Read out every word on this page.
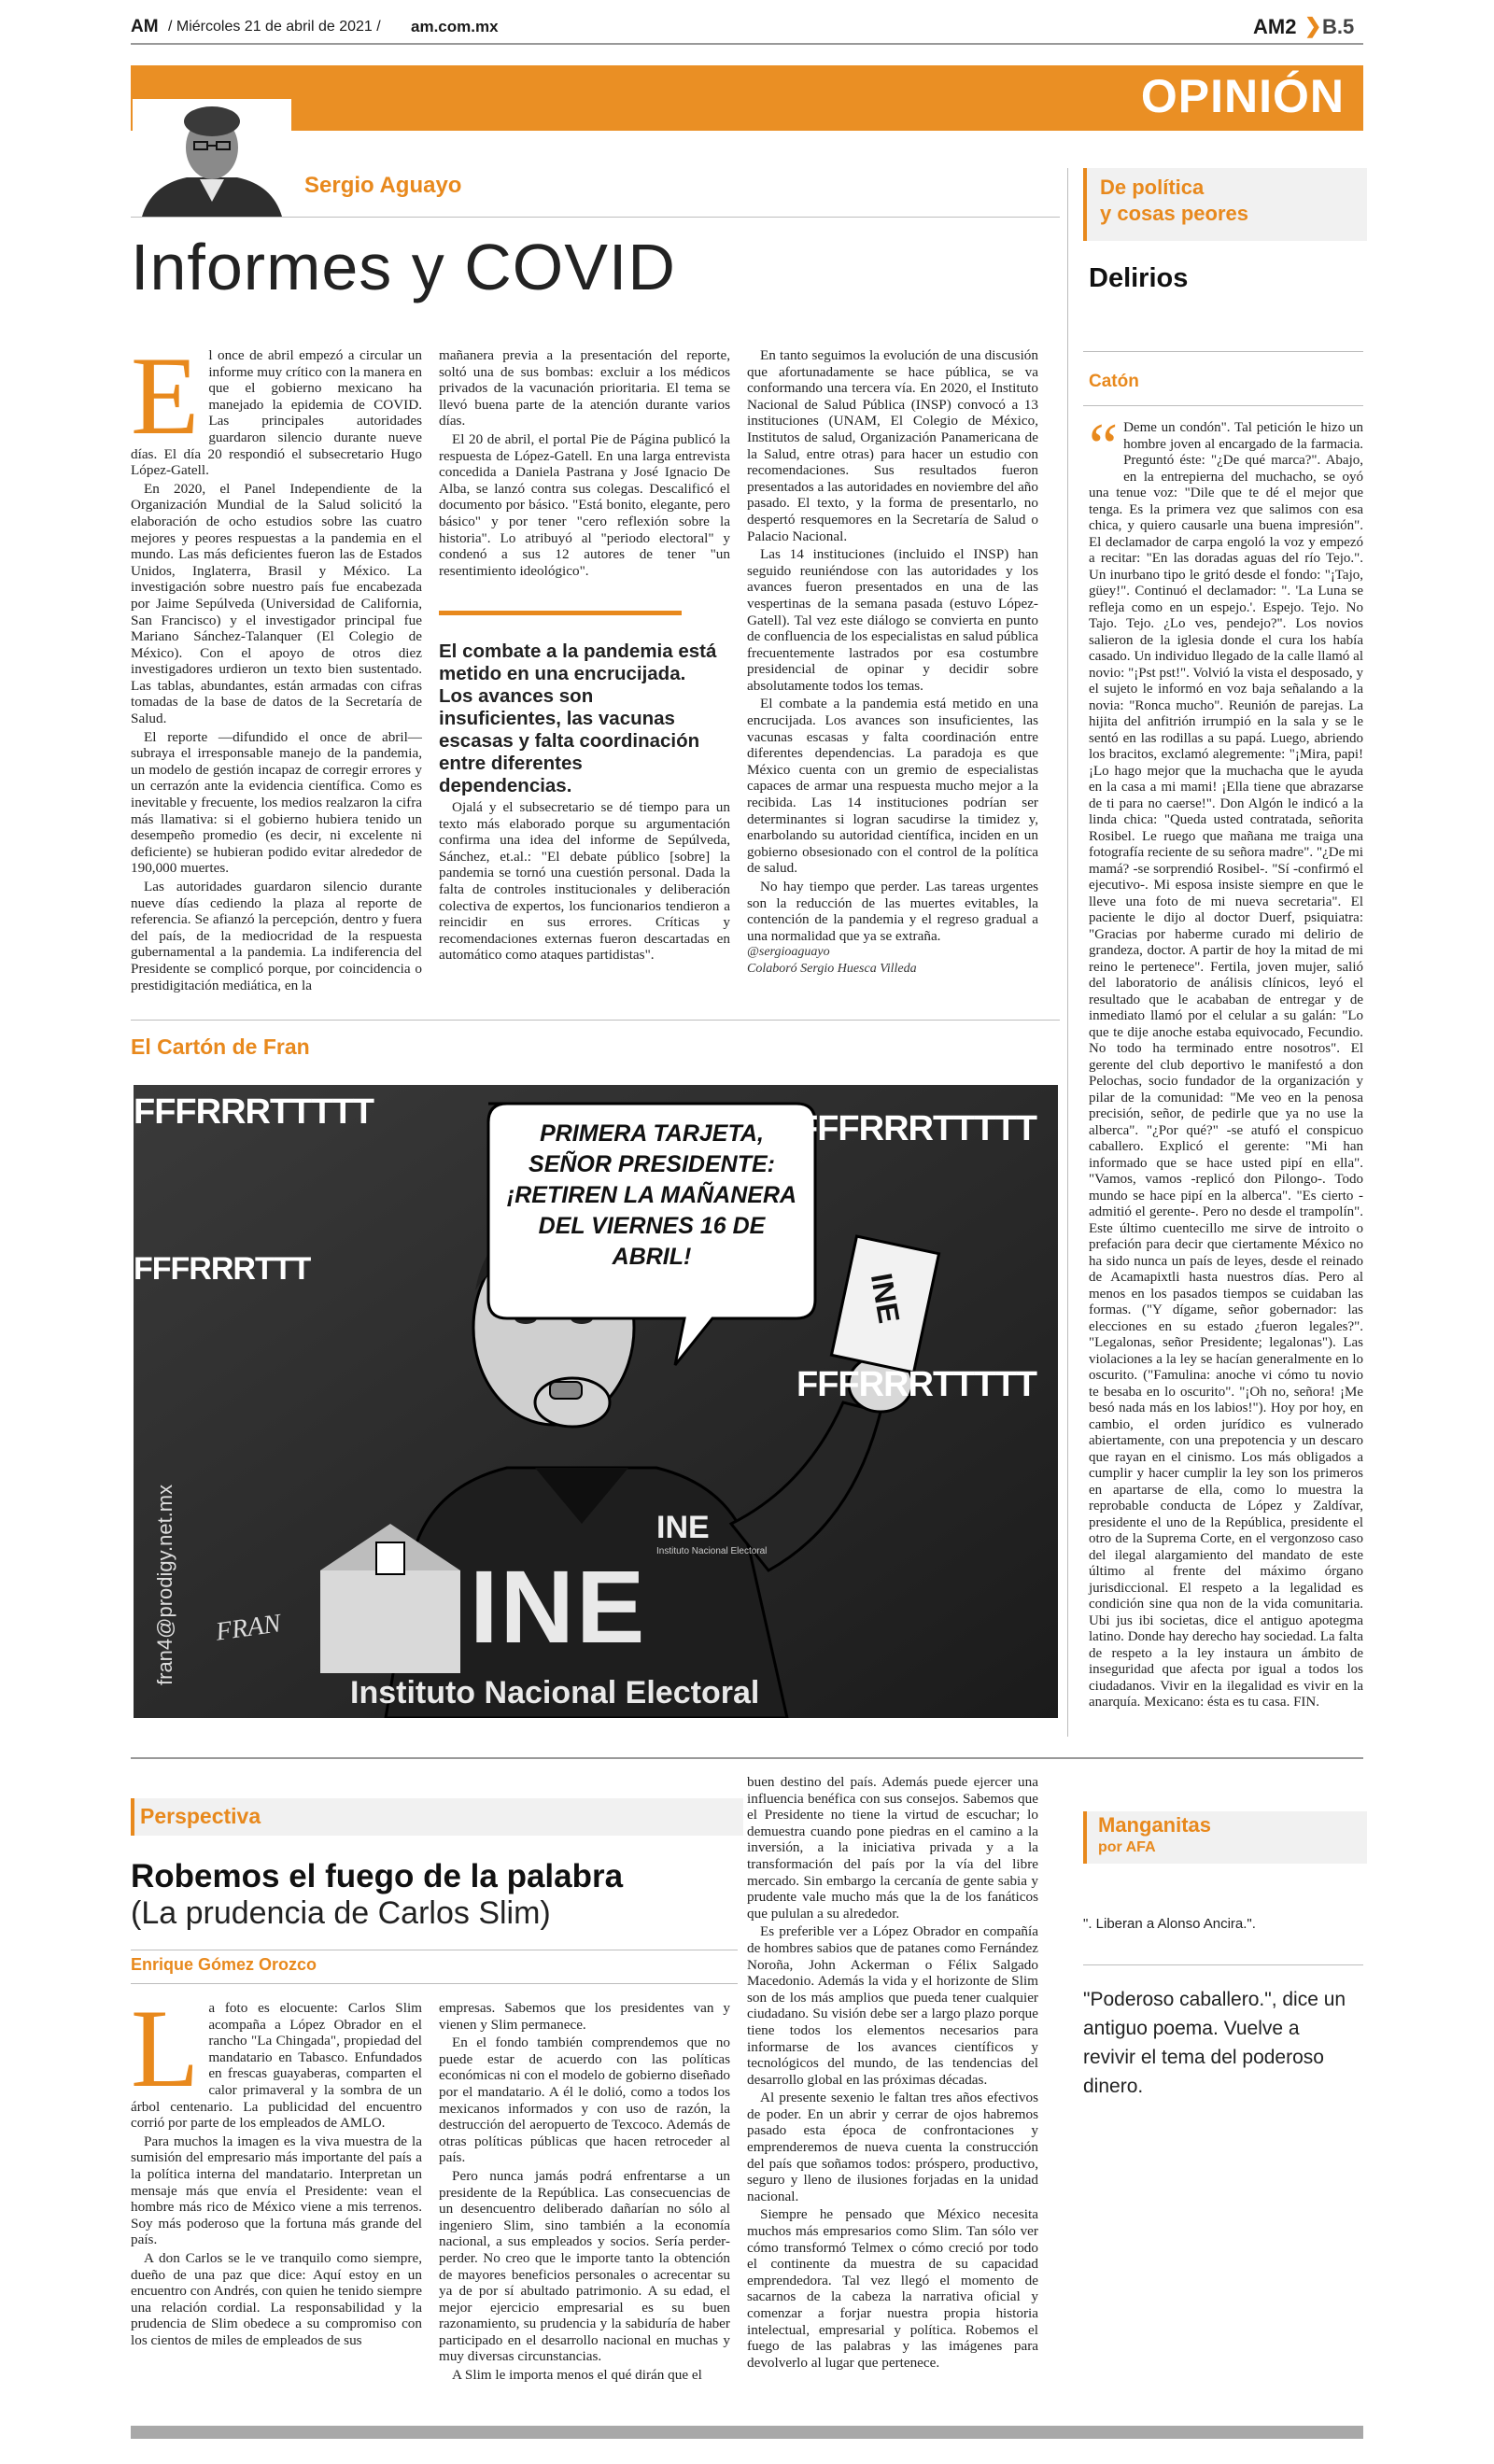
AM / Miércoles 21 de abril de 2021 / am.com.mx	AM2 ❯ B.5
OPINIÓN
Sergio Aguayo
Informes y COVID
E l once de abril empezó a circular un informe muy crítico con la manera en que el gobierno mexicano ha manejado la epidemia de COVID. Las principales autoridades guardaron silencio durante nueve días. El día 20 respondió el subsecretario Hugo López-Gatell.

En 2020, el Panel Independiente de la Organización Mundial de la Salud solicitó la elaboración de ocho estudios sobre las cuatro mejores y peores respuestas a la pandemia en el mundo. Las más deficientes fueron las de Estados Unidos, Inglaterra, Brasil y México. La investigación sobre nuestro país fue encabezada por Jaime Sepúlveda (Universidad de California, San Francisco) y el investigador principal fue Mariano Sánchez-Talanquer (El Colegio de México). Con el apoyo de otros diez investigadores urdieron un texto bien sustentado. Las tablas, abundantes, están armadas con cifras tomadas de la base de datos de la Secretaría de Salud.

El reporte —difundido el once de abril— subraya el irresponsable manejo de la pandemia, un modelo de gestión incapaz de corregir errores y un cerrazón ante la evidencia científica. Como es inevitable y frecuente, los medios realzaron la cifra más llamativa: si el gobierno hubiera tenido un desempeño promedio (es decir, ni excelente ni deficiente) se hubieran podido evitar alrededor de 190,000 muertes.

Las autoridades guardaron silencio durante nueve días cediendo la plaza al reporte de referencia. Se afianzó la percepción, dentro y fuera del país, de la mediocridad de la respuesta gubernamental a la pandemia. La indiferencia del Presidente se complicó porque, por coincidencia o prestidigitación mediática, en la

mañanera previa a la presentación del reporte, soltó una de sus bombas: excluir a los médicos privados de la vacunación prioritaria. El tema se llevó buena parte de la atención durante varios días.

El 20 de abril, el portal Pie de Página publicó la respuesta de López-Gatell. En una larga entrevista concedida a Daniela Pastrana y José Ignacio De Alba, se lanzó contra sus colegas. Descalificó el documento por básico. "Está bonito, elegante, pero básico" y por tener "cero reflexión sobre la historia". Lo atribuyó al "periodo electoral" y condenó a sus 12 autores de tener "un resentimiento ideológico".

El combate a la pandemia está metido en una encrucijada. Los avances son insuficientes, las vacunas escasas y falta coordinación entre diferentes dependencias.

Ojalá y el subsecretario se dé tiempo para un texto más elaborado porque su argumentación confirma una idea del informe de Sepúlveda, Sánchez, et.al.: "El debate público [sobre] la pandemia se tornó una cuestión personal. Dada la falta de controles institucionales y deliberación colectiva de expertos, los funcionarios tendieron a reincidir en sus errores. Críticas y recomendaciones externas fueron descartadas en automático como ataques partidistas".

En tanto seguimos la evolución de una discusión que afortunadamente se hace pública, se va conformando una tercera vía. En 2020, el Instituto Nacional de Salud Pública (INSP) convocó a 13 instituciones (UNAM, El Colegio de México, Institutos de salud, Organización Panamericana de la Salud, entre otras) para hacer un estudio con recomendaciones. Sus resultados fueron presentados a las autoridades en noviembre del año pasado. El texto, y la forma de presentarlo, no despertó resquemores en la Secretaría de Salud o Palacio Nacional.

Las 14 instituciones (incluido el INSP) han seguido reuniéndose con las autoridades y los avances fueron presentados en una de las vespertinas de la semana pasada (estuvo López-Gatell). Tal vez este diálogo se convierta en punto de confluencia de los especialistas en salud pública frecuentemente lastrados por esa costumbre presidencial de opinar y decidir sobre absolutamente todos los temas.

El combate a la pandemia está metido en una encrucijada. Los avances son insuficientes, las vacunas escasas y falta coordinación entre diferentes dependencias. La paradoja es que México cuenta con un gremio de especialistas capaces de armar una respuesta mucho mejor a la recibida. Las 14 instituciones podrían ser determinantes si logran sacudirse la timidez y, enarbolando su autoridad científica, inciden en un gobierno obsesionado con el control de la política de salud.

No hay tiempo que perder. Las tareas urgentes son la reducción de las muertes evitables, la contención de la pandemia y el regreso gradual a una normalidad que ya se extraña.

@sergioaguayo
Colaboró Sergio Huesca Villeda
De política
y cosas peores
Delirios
Catón
“ Deme un condón". Tal petición le hizo un hombre joven al encargado de la farmacia. Preguntó éste: "¿De qué marca?". Abajo, en la entrepierna del muchacho, se oyó una tenue voz: "Dile que te dé el mejor que tenga. Es la primera vez que salimos con esa chica, y quiero causarle una buena impresión". El declamador de carpa engoló la voz y empezó a recitar: "En las doradas aguas del río Tejo.". Un inurbano tipo le gritó desde el fondo: "¡Tajo, güey!". Continuó el declamador: ". 'La Luna se refleja como en un espejo.'. Espejo. Tejo. No Tajo. Tejo. ¿Lo ves, pendejo?". Los novios salieron de la iglesia donde el cura los había casado. Un individuo llegado de la calle llamó al novio: "¡Pst pst!". Volvió la vista el desposado, y el sujeto le informó en voz baja señalando a la novia: "Ronca mucho". Reunión de parejas. La hijita del anfitrión irrumpió en la sala y se le sentó en las rodillas a su papá. Luego, abriendo los bracitos, exclamó alegremente: "¡Mira, papi! ¡Lo hago mejor que la muchacha que le ayuda en la casa a mi mami! ¡Ella tiene que abrazarse de ti para no caerse!". Don Algón le indicó a la linda chica: "Queda usted contratada, señorita Rosibel. Le ruego que mañana me traiga una fotografía reciente de su señora madre". "¿De mi mamá? -se sorprendió Rosibel-. "Sí -confirmó el ejecutivo-. Mi esposa insiste siempre en que le lleve una foto de mi nueva secretaria". El paciente le dijo al doctor Duerf, psiquiatra: "Gracias por haberme curado mi delirio de grandeza, doctor. A partir de hoy la mitad de mi reino le pertenece". Fertila, joven mujer, salió del laboratorio de análisis clínicos, leyó el resultado que le acababan de entregar y de inmediato llamó por el celular a su galán: "Lo que te dije anoche estaba equivocado, Fecundio. No todo ha terminado entre nosotros". El gerente del club deportivo le manifestó a don Pelochas, socio fundador de la organización y pilar de la comunidad: "Me veo en la penosa precisión, señor, de pedirle que ya no use la alberca". "¿Por qué?" -se atufó el conspicuo caballero. Explicó el gerente: "Mi han informado que se hace usted pipí en ella". "Vamos, vamos -replicó don Pilongo-. Todo mundo se hace pipí en la alberca". "Es cierto -admitió el gerente-. Pero no desde el trampolín". Este último cuentecillo me sirve de introito o prefación para decir que ciertamente México no ha sido nunca un país de leyes, desde el reinado de Acamapixtli hasta nuestros días. Pero al menos en los pasados tiempos se cuidaban las formas. ("Y dígame, señor gobernador: las elecciones en su estado ¿fueron legales?". "Legalonas, señor Presidente; legalonas"). Las violaciones a la ley se hacían generalmente en lo oscurito. ("Famulina: anoche vi cómo tu novio te besaba en lo oscurito". "¡Oh no, señora! ¡Me besó nada más en los labios!"). Hoy por hoy, en cambio, el orden jurídico es vulnerado abiertamente, con una prepotencia y un descaro que rayan en el cinismo. Los más obligados a cumplir y hacer cumplir la ley son los primeros en apartarse de ella, como lo muestra la reprobable conducta de López y Zaldívar, presidente el uno de la República, presidente el otro de la Suprema Corte, en el vergonzoso caso del ilegal alargamiento del mandato de este último al frente del máximo órgano jurisdiccional. El respeto a la legalidad es condición sine qua non de la vida comunitaria. Ubi jus ibi societas, dice el antiguo apotegma latino. Donde hay derecho hay sociedad. La falta de respeto a la ley instaura un ámbito de inseguridad que afecta por igual a todos los ciudadanos. Vivir en la ilegalidad es vivir en la anarquía. Mexicano: ésta es tu casa. FIN.

El Cartón de Fran
PRIMERA TARJETA, SEÑOR PRESIDENTE: ¡RETIREN LA MAÑANERA DEL VIERNES 16 DE ABRIL!
FFFRRRTTTTT	FFFRRRTTTTT
FFFRRRTTT
FFFRRRTTTTT
INE
INE
Instituto Nacional Electoral
INE
Instituto Nacional Electoral
FRAN
fran4@prodigy.net.mx
Perspectiva
Robemos el fuego de la palabra
(La prudencia de Carlos Slim)
Enrique Gómez Orozco
L a foto es elocuente: Carlos Slim acompaña a López Obrador en el rancho "La Chingada", propiedad del mandatario en Tabasco. Enfundados en frescas guayaberas, comparten el calor primaveral y la sombra de un árbol centenario. La publicidad del encuentro corrió por parte de los empleados de AMLO.

Para muchos la imagen es la viva muestra de la sumisión del empresario más importante del país a la política interna del mandatario. Interpretan un mensaje más que envía el Presidente: vean el hombre más rico de México viene a mis terrenos. Soy más poderoso que la fortuna más grande del país.

A don Carlos se le ve tranquilo como siempre, dueño de una paz que dice: Aquí estoy en un encuentro con Andrés, con quien he tenido siempre una relación cordial. La responsabilidad y la prudencia de Slim obedece a su compromiso con los cientos de miles de empleados de sus

empresas. Sabemos que los presidentes van y vienen y Slim permanece.

En el fondo también comprendemos que no puede estar de acuerdo con las políticas económicas ni con el modelo de gobierno diseñado por el mandatario. A él le dolió, como a todos los mexicanos informados y con uso de razón, la destrucción del aeropuerto de Texcoco. Además de otras políticas públicas que hacen retroceder al país.

Pero nunca jamás podrá enfrentarse a un presidente de la República. Las consecuencias de un desencuentro deliberado dañarían no sólo al ingeniero Slim, sino también a la economía nacional, a sus empleados y socios. Sería perder-perder. No creo que le importe tanto la obtención de mayores beneficios personales o acrecentar su ya de por sí abultado patrimonio. A su edad, el mejor ejercicio empresarial es su buen razonamiento, su prudencia y la sabiduría de haber participado en el desarrollo nacional en muchas y muy diversas circunstancias.

A Slim le importa menos el qué dirán que el

buen destino del país. Además puede ejercer una influencia benéfica con sus consejos. Sabemos que el Presidente no tiene la virtud de escuchar; lo demuestra cuando pone piedras en el camino a la inversión, a la iniciativa privada y a la transformación del país por la vía del libre mercado. Sin embargo la cercanía de gente sabia y prudente vale mucho más que la de los fanáticos que pululan a su alrededor.

Es preferible ver a López Obrador en compañía de hombres sabios que de patanes como Fernández Noroña, John Ackerman o Félix Salgado Macedonio. Además la vida y el horizonte de Slim son de los más amplios que pueda tener cualquier ciudadano. Su visión debe ser a largo plazo porque tiene todos los elementos necesarios para informarse de los avances científicos y tecnológicos del mundo, de las tendencias del desarrollo global en las próximas décadas.

Al presente sexenio le faltan tres años efectivos de poder. En un abrir y cerrar de ojos habremos pasado esta época de confrontaciones y emprenderemos de nueva cuenta la construcción del país que soñamos todos: próspero, productivo, seguro y lleno de ilusiones forjadas en la unidad nacional.

Siempre he pensado que México necesita muchos más empresarios como Slim. Tan sólo ver cómo transformó Telmex o cómo creció por todo el continente da muestra de su capacidad emprendedora. Tal vez llegó el momento de sacarnos de la cabeza la narrativa oficial y comenzar a forjar nuestra propia historia intelectual, empresarial y política. Robemos el fuego de las palabras y las imágenes para devolverlo al lugar que pertenece.

Manganitas
por AFA
". Liberan a Alonso Ancira.".
"Poderoso caballero.", dice un antiguo poema. Vuelve a revivir el tema del poderoso dinero.
